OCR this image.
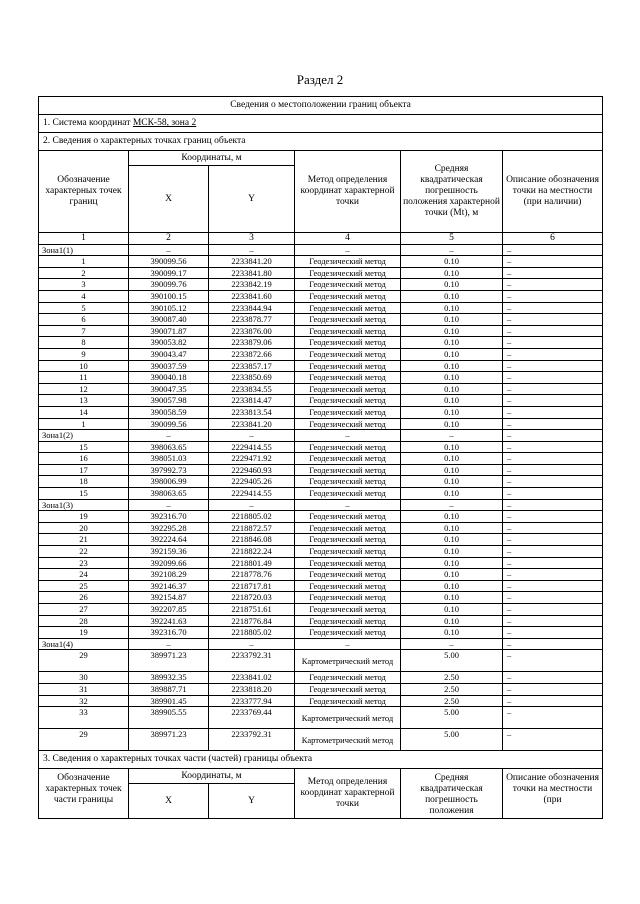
Раздел 2
Сведения о местоположении границ объекта					
1. Система координат МСК-58, зона 2					
2. Сведения о характерных точках границ объекта					
Обозначение характерных точек границ	Координаты, м		Метод определения координат характерной точки	Средняя квадратическая погрешность положения характерной точки (Mt), м	Описание обозначения точки на местности (при наличии)
	X	Y			
1	2	3	4	5	6
Зона1(1)	–	–	–	–	–
1	390099.56	2233841.20	Геодезический метод	0.10	–
2	390099.17	2233841.80	Геодезический метод	0.10	–
3	390099.76	2233842.19	Геодезический метод	0.10	–
4	390100.15	2233841.60	Геодезический метод	0.10	–
5	390105.12	2233844.94	Геодезический метод	0.10	–
6	390087.40	2233878.77	Геодезический метод	0.10	–
7	390071.87	2233876.00	Геодезический метод	0.10	–
8	390053.82	2233879.06	Геодезический метод	0.10	–
9	390043.47	2233872.66	Геодезический метод	0.10	–
10	390037.59	2233857.17	Геодезический метод	0.10	–
11	390040.18	2233850.69	Геодезический метод	0.10	–
12	390047.35	2233834.55	Геодезический метод	0.10	–
13	390057.98	2233814.47	Геодезический метод	0.10	–
14	390058.59	2233813.54	Геодезический метод	0.10	–
1	390099.56	2233841.20	Геодезический метод	0.10	–
Зона1(2)	–	–	–	–	–
15	398063.65	2229414.55	Геодезический метод	0.10	–
16	398051.03	2229471.92	Геодезический метод	0.10	–
17	397992.73	2229460.93	Геодезический метод	0.10	–
18	398006.99	2229405.26	Геодезический метод	0.10	–
15	398063.65	2229414.55	Геодезический метод	0.10	–
Зона1(3)	–	–	–	–	–
19	392316.70	2218805.02	Геодезический метод	0.10	–
20	392295.28	2218872.57	Геодезический метод	0.10	–
21	392224.64	2218846.08	Геодезический метод	0.10	–
22	392159.36	2218822.24	Геодезический метод	0.10	–
23	392099.66	2218801.49	Геодезический метод	0.10	–
24	392108.29	2218778.76	Геодезический метод	0.10	–
25	392146.37	2218717.81	Геодезический метод	0.10	–
26	392154.87	2218720.03	Геодезический метод	0.10	–
27	392207.85	2218751.61	Геодезический метод	0.10	–
28	392241.63	2218776.84	Геодезический метод	0.10	–
19	392316.70	2218805.02	Геодезический метод	0.10	–
Зона1(4)	–	–	–	–	–
29	389971.23	2233792.31	Картометрический метод	5.00	–
30	389932.35	2233841.02	Геодезический метод	2.50	–
31	389887.71	2233818.20	Геодезический метод	2.50	–
32	389901.45	2233777.94	Геодезический метод	2.50	–
33	389905.55	2233769.44	Картометрический метод	5.00	–
29	389971.23	2233792.31	Картометрический метод	5.00	–
3. Сведения о характерных точках части (частей) границы объекта					
Обозначение характерных точек части границы	Координаты, м		Метод определения координат характерной точки	Средняя квадратическая погрешность положения	Описание обозначения точки на местности (при
	X	Y			
